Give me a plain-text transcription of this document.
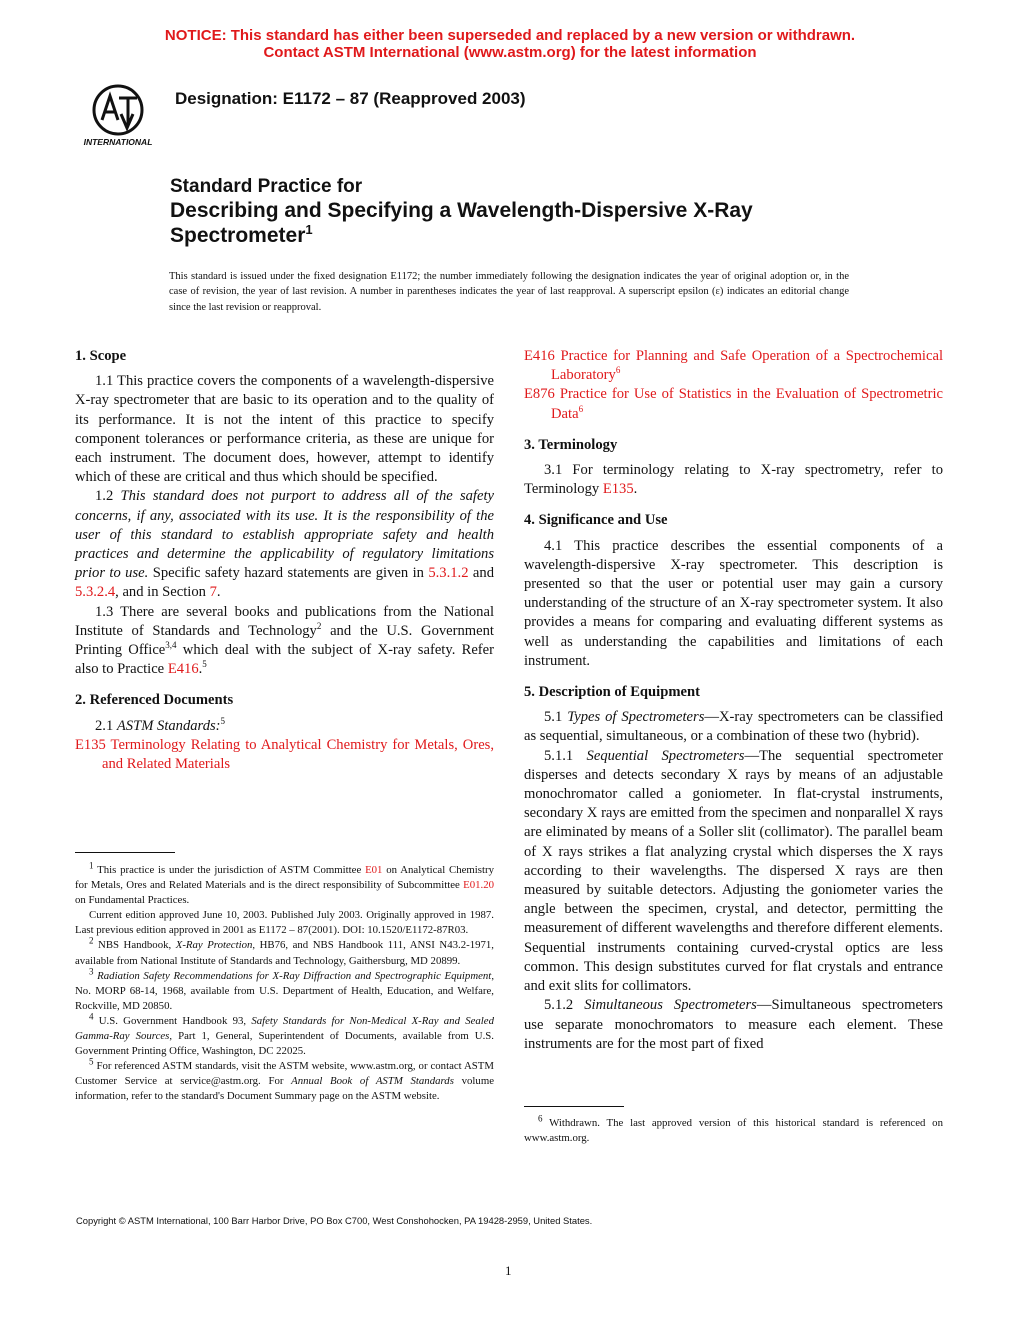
NOTICE: This standard has either been superseded and replaced by a new version or withdrawn.
Contact ASTM International (www.astm.org) for the latest information
INTERNATIONAL
Designation: E1172 – 87 (Reapproved 2003)
Standard Practice for
Describing and Specifying a Wavelength-Dispersive X-Ray
Spectrometer$^1$
This standard is issued under the fixed designation E1172; the number immediately following the designation indicates the year of original adoption or, in the case of revision, the year of last revision. A number in parentheses indicates the year of last reapproval. A superscript epsilon (ε) indicates an editorial change since the last revision or reapproval.

1. Scope

1.1 This practice covers the components of a wavelength-dispersive X-ray spectrometer that are basic to its operation and to the quality of its performance. It is not the intent of this practice to specify component tolerances or performance criteria, as these are unique for each instrument. The document does, however, attempt to identify which of these are critical and thus which should be specified.

1.2 This standard does not purport to address all of the safety concerns, if any, associated with its use. It is the responsibility of the user of this standard to establish appropriate safety and health practices and determine the applicability of regulatory limitations prior to use. Specific safety hazard statements are given in 5.3.1.2 and 5.3.2.4, and in Section 7.

1.3 There are several books and publications from the National Institute of Standards and Technology$^2$ and the U.S. Government Printing Office$^{3,4}$ which deal with the subject of X-ray safety. Refer also to Practice E416.$^5$

2. Referenced Documents

2.1 ASTM Standards:$^5$

E135 Terminology Relating to Analytical Chemistry for Metals, Ores, and Related Materials

$^1$ This practice is under the jurisdiction of ASTM Committee E01 on Analytical Chemistry for Metals, Ores and Related Materials and is the direct responsibility of Subcommittee E01.20 on Fundamental Practices.

Current edition approved June 10, 2003. Published July 2003. Originally approved in 1987. Last previous edition approved in 2001 as E1172 – 87(2001). DOI: 10.1520/E1172-87R03.

$^2$ NBS Handbook, X-Ray Protection, HB76, and NBS Handbook 111, ANSI N43.2-1971, available from National Institute of Standards and Technology, Gaithersburg, MD 20899.

$^3$ Radiation Safety Recommendations for X-Ray Diffraction and Spectrographic Equipment, No. MORP 68-14, 1968, available from U.S. Department of Health, Education, and Welfare, Rockville, MD 20850.

$^4$ U.S. Government Handbook 93, Safety Standards for Non-Medical X-Ray and Sealed Gamma-Ray Sources, Part 1, General, Superintendent of Documents, available from U.S. Government Printing Office, Washington, DC 22025.

$^5$ For referenced ASTM standards, visit the ASTM website, www.astm.org, or contact ASTM Customer Service at service@astm.org. For Annual Book of ASTM Standards volume information, refer to the standard's Document Summary page on the ASTM website.

E416 Practice for Planning and Safe Operation of a Spectrochemical Laboratory$^6$

E876 Practice for Use of Statistics in the Evaluation of Spectrometric Data$^6$

3. Terminology

3.1 For terminology relating to X-ray spectrometry, refer to Terminology E135.

4. Significance and Use

4.1 This practice describes the essential components of a wavelength-dispersive X-ray spectrometer. This description is presented so that the user or potential user may gain a cursory understanding of the structure of an X-ray spectrometer system. It also provides a means for comparing and evaluating different systems as well as understanding the capabilities and limitations of each instrument.

5. Description of Equipment

5.1 Types of Spectrometers—X-ray spectrometers can be classified as sequential, simultaneous, or a combination of these two (hybrid).

5.1.1 Sequential Spectrometers—The sequential spectrometer disperses and detects secondary X rays by means of an adjustable monochromator called a goniometer. In flat-crystal instruments, secondary X rays are emitted from the specimen and nonparallel X rays are eliminated by means of a Soller slit (collimator). The parallel beam of X rays strikes a flat analyzing crystal which disperses the X rays according to their wavelengths. The dispersed X rays are then measured by suitable detectors. Adjusting the goniometer varies the angle between the specimen, crystal, and detector, permitting the measurement of different wavelengths and therefore different elements. Sequential instruments containing curved-crystal optics are less common. This design substitutes curved for flat crystals and entrance and exit slits for collimators.

5.1.2 Simultaneous Spectrometers—Simultaneous spectrometers use separate monochromators to measure each element. These instruments are for the most part of fixed

$^6$ Withdrawn. The last approved version of this historical standard is referenced on www.astm.org.

Copyright © ASTM International, 100 Barr Harbor Drive, PO Box C700, West Conshohocken, PA 19428-2959, United States.
1
